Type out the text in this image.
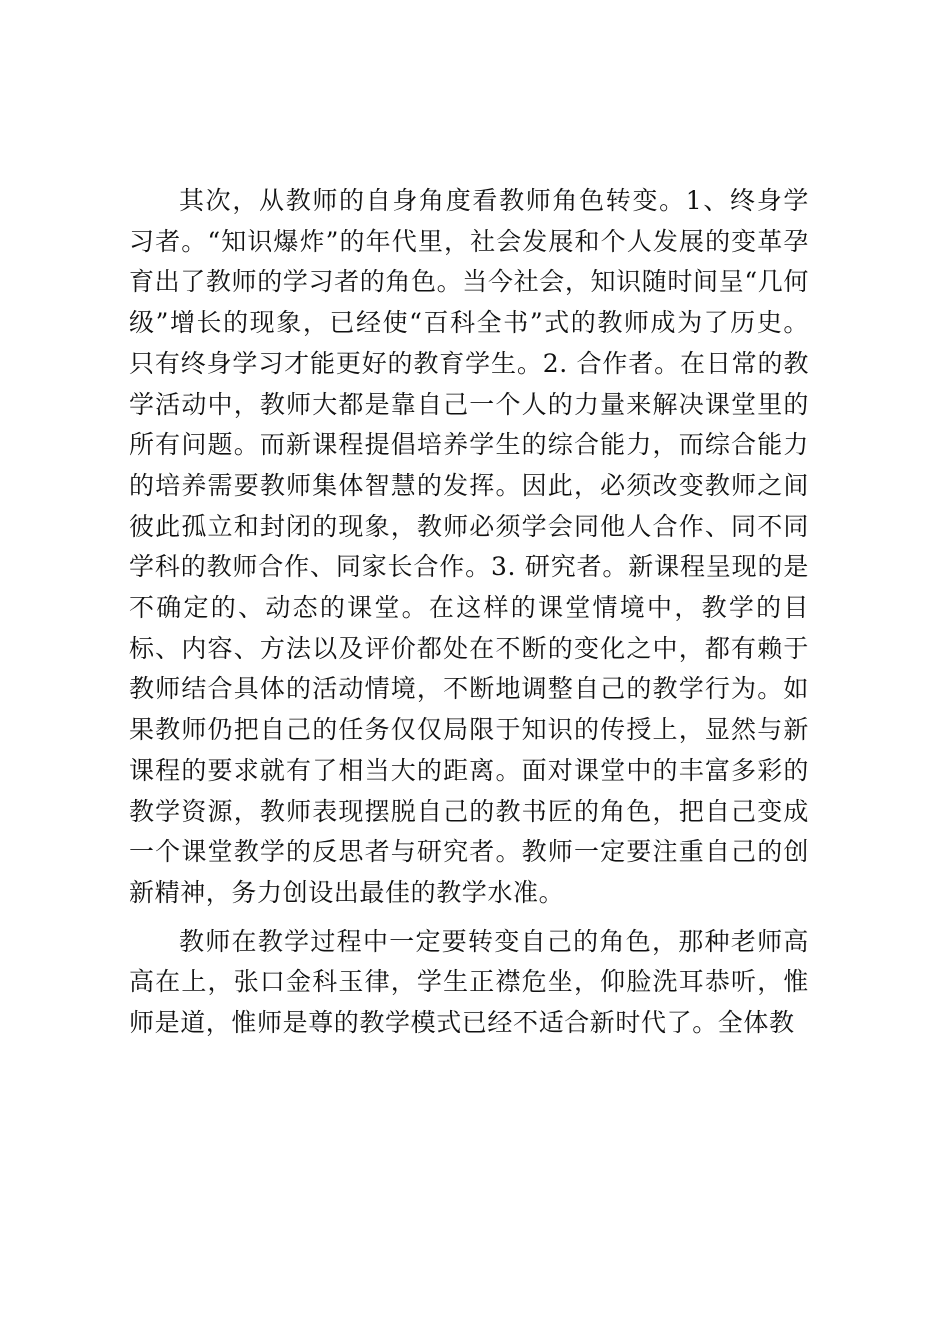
其次，从教师的自身角度看教师角色转变。1、终身学习者。“知识爆炸”的年代里，社会发展和个人发展的变革孕育出了教师的学习者的角色。当今社会，知识随时间呈“几何级”增长的现象，已经使“百科全书”式的教师成为了历史。只有终身学习才能更好的教育学生。2. 合作者。在日常的教学活动中，教师大都是靠自己一个人的力量来解决课堂里的所有问题。而新课程提倡培养学生的综合能力，而综合能力的培养需要教师集体智慧的发挥。因此，必须改变教师之间彼此孤立和封闭的现象，教师必须学会同他人合作、同不同学科的教师合作、同家长合作。3. 研究者。新课程呈现的是不确定的、动态的课堂。在这样的课堂情境中，教学的目标、内容、方法以及评价都处在不断的变化之中，都有赖于教师结合具体的活动情境，不断地调整自己的教学行为。如果教师仍把自己的任务仅仅局限于知识的传授上，显然与新课程的要求就有了相当大的距离。面对课堂中的丰富多彩的教学资源，教师表现摆脱自己的教书匠的角色，把自己变成一个课堂教学的反思者与研究者。教师一定要注重自己的创新精神，务力创设出最佳的教学水准。

教师在教学过程中一定要转变自己的角色，那种老师高高在上，张口金科玉律，学生正襟危坐，仰脸洗耳恭听，惟师是道，惟师是尊的教学模式已经不适合新时代了。全体教
